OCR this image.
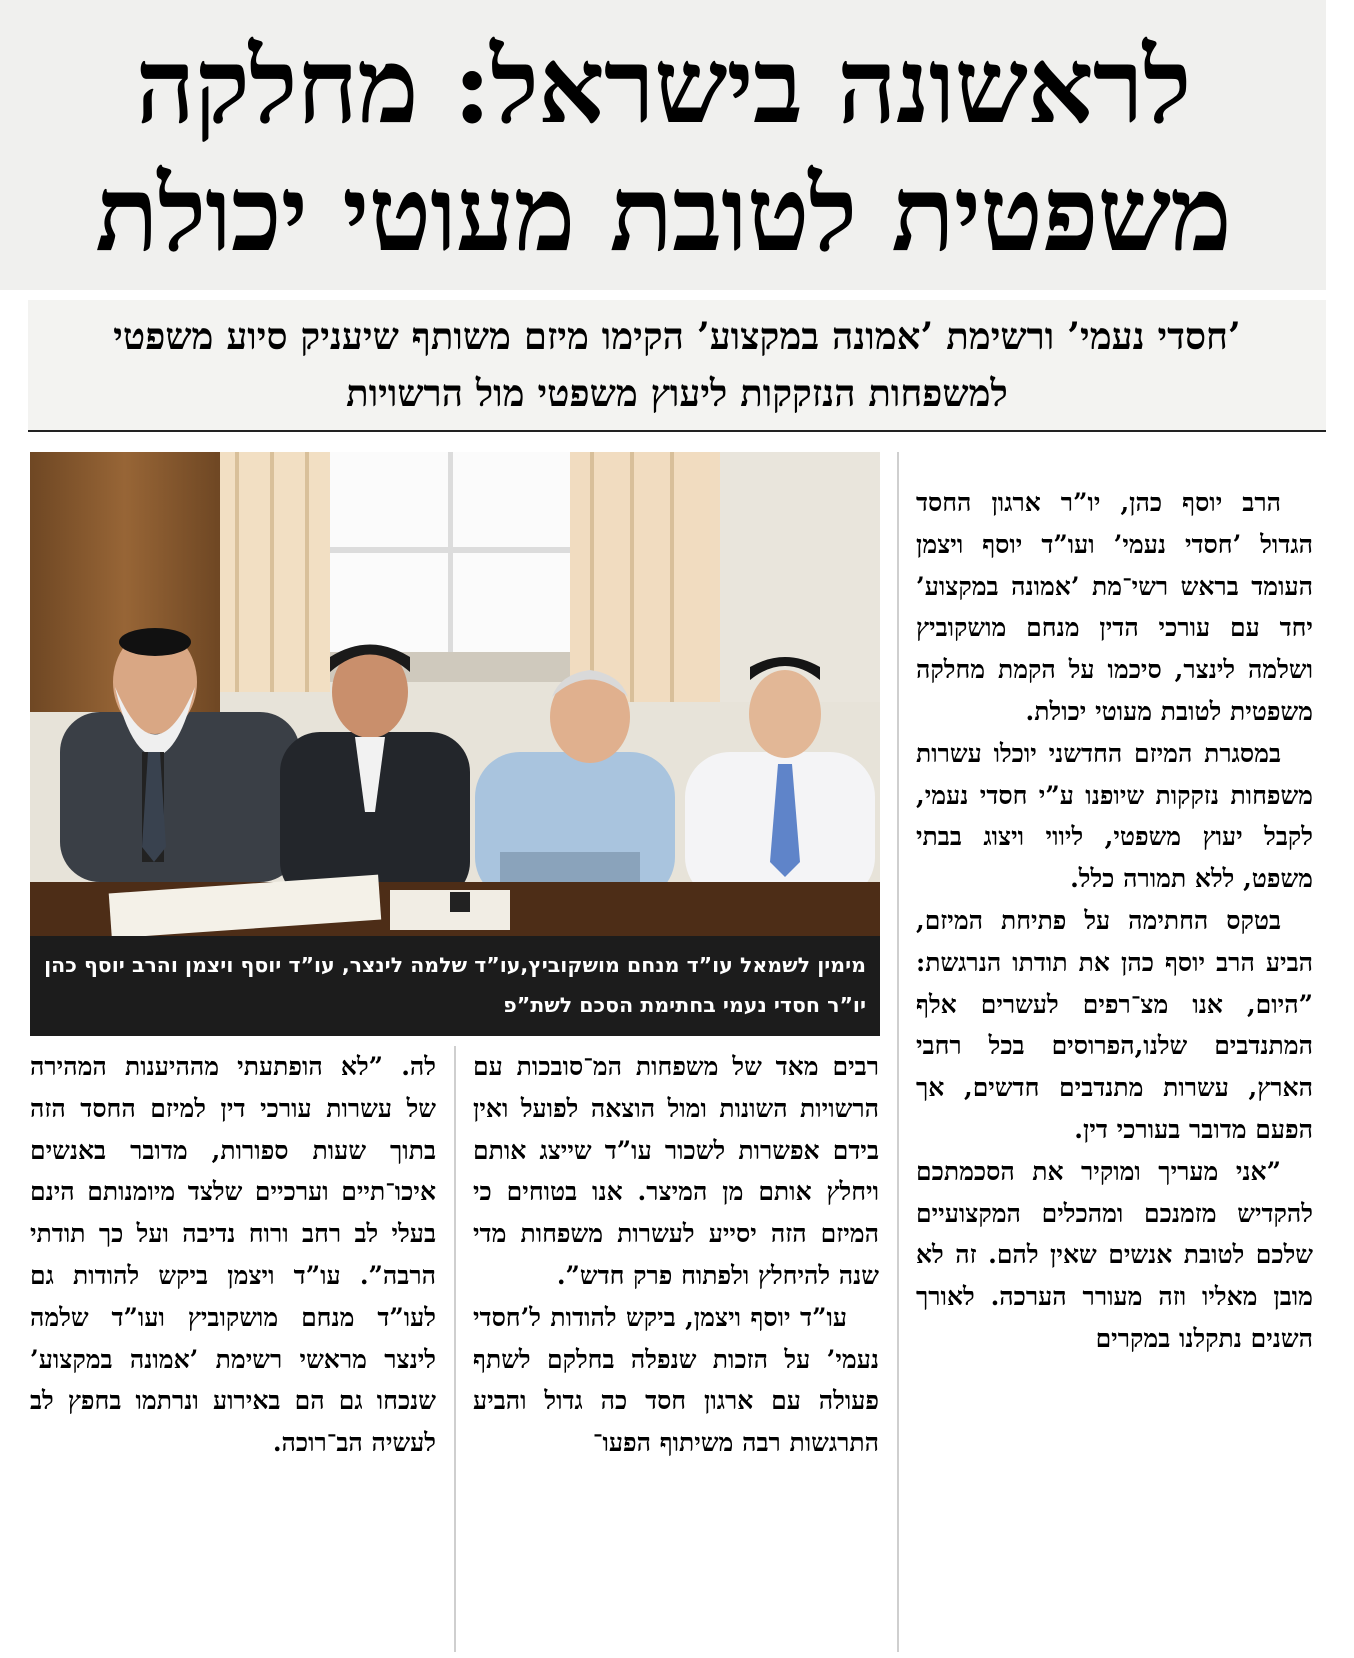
לראשונה בישראל: מחלקה
משפטית לטובת מעוטי יכולת
’חסדי נעמי’ ורשימת ’אמונה במקצוע’ הקימו מיזם משותף שיעניק סיוע משפטי למשפחות הנזקקות ליעוץ משפטי מול הרשויות
מימין לשמאל עו”ד מנחם מושקוביץ,עו”ד שלמה לינצר, עו”ד יוסף ויצמן והרב יוסף כהן יו”ר חסדי נעמי בחתימת הסכם לשת”פ

הרב יוסף כהן, יו”ר ארגון החסד הגדול ’חסדי נעמי’ ועו”ד יוסף ויצמן העומד בראש רשי־מת ’אמונה במקצוע’ יחד עם עורכי הדין מנחם מושקוביץ ושלמה לינצר, סיכמו על הקמת מחלקה משפטית לטובת מעוטי יכולת.

במסגרת המיזם החדשני יוכלו עשרות משפחות נזקקות שיופנו ע”י חסדי נעמי, לקבל יעוץ משפטי, ליווי ויצוג בבתי משפט, ללא תמורה כלל.

בטקס החתימה על פתיחת המיזם, הביע הרב יוסף כהן את תודתו הנרגשת: ”היום, אנו מצ־רפים לעשרים אלף המתנדבים שלנו,הפרוסים בכל רחבי הארץ, עשרות מתנדבים חדשים, אך הפעם מדובר בעורכי דין.

”אני מעריך ומוקיר את הסכמתכם להקדיש מזמנכם ומהכלים המקצועיים שלכם לטובת אנשים שאין להם. זה לא מובן מאליו וזה מעורר הערכה. לאורך השנים נתקלנו במקרים

רבים מאד של משפחות המ־סובכות עם הרשויות השונות ומול הוצאה לפועל ואין בידם אפשרות לשכור עו”ד שייצג אותם ויחלץ אותם מן המיצר. אנו בטוחים כי המיזם הזה יסייע לעשרות משפחות מדי שנה להיחלץ ולפתוח פרק חדש”.

עו”ד יוסף ויצמן, ביקש להודות ל’חסדי נעמי’ על הזכות שנפלה בחלקם לשתף פעולה עם ארגון חסד כה גדול והביע התרגשות רבה משיתוף הפעו־

לה. ”לא הופתעתי מההיענות המהירה של עשרות עורכי דין למיזם החסד הזה בתוך שעות ספורות, מדובר באנשים איכו־תיים וערכיים שלצד מיומנותם הינם בעלי לב רחב ורוח נדיבה ועל כך תודתי הרבה”. עו”ד ויצמן ביקש להודות גם לעו”ד מנחם מושקוביץ ועו”ד שלמה לינצר מראשי רשימת ’אמונה במקצוע’ שנכחו גם הם באירוע ונרתמו בחפץ לב לעשיה הב־רוכה.
